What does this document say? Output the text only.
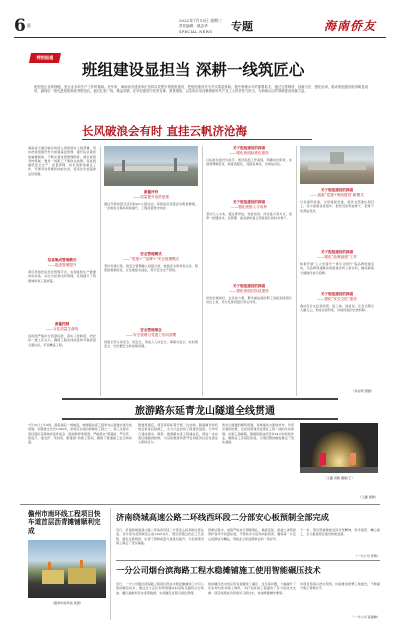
6 版
2022年7月13日 星期三
责任编辑：姚志华
SPECIAL NEWS 专题	海南侨友
特别报道
班组建设显担当 深耕一线筑匠心
班组是企业的细胞，是企业各项生产工作的基础。近年来，海南省各建设单位坚持以党建引领班组建设，把班组建设作为夯实基层基础、提升管理水平的重要抓手，通过完善制度、创新方法、强化培训，推动班组建设取得明显成效，涌现出一批先进班组和优秀班组长。他们扎根一线、精益求精，在项目建设中攻坚克难、勇挑重担，以实际行动诠释着新时代产业工人的责任与担当，为海南自由贸易港建设贡献力量。
长风破浪会有时 直挂云帆济沧海
海南省交通运输系统深入贯彻落实上级部署，坚持把班组建设作为加强基层管理、提升队伍素质的重要载体，不断完善班组管理制度，健全班组考核机制，激发一线职工干事创业热情。各班组围绕安全生产、质量管理、技术创新等重点工作，开展劳动竞赛和技能比武，营造比学赶超的良好氛围。
信息集成管理模式
——促进管理提升
项目部依托信息化管理平台，实现班组生产数据实时采集、动态分析和闭环管理，有效提升了管理效率和工程质量。
质量控制
——守住质量生命线
各班组严格执行质量标准，落实三检制度，把好每一道工序关口，确保工程实体质量和外观质量全面达标，打造精品工程。
质量评价
——质量提升成效显著
通过开展质量月活动和QC小组活动，班组成员质量意识明显增强，一次验收合格率持续提升，工程质量稳中向好。
安全管理模式
——“党建+”“品牌+”安全管理模式
坚持党建引领，将安全管理融入班组日常，做到安全教育常态化、隐患排查制度化、应急演练实战化，筑牢安全生产防线。
安全管理理念
——安全管理与党建工作同部署
班组长带头讲安全、抓安全，形成人人讲安全、事事为安全、时时想安全、处处要安全的浓厚氛围。
关于班组建设的探索
——强化班组标准化建设
以标准化建设为抓手，规范班组工作流程，明确岗位职责，实现管理制度化、制度流程化、流程表单化、表单信息化。
关于班组建设的探索
——强化班组人才培养
坚持以人为本，通过师带徒、技能培训、岗位练兵等方式，培养一批懂技术、会管理、能创新的复合型班组长和技术骨干。
关于班组建设的探索
——强化班组长队伍建设
把政治素质好、业务能力强、群众威信高的职工选拔到班组长岗位上来，充分发挥班组长带头作用。
关于班组建设的探索
——创新“党建+班组建设”新模式
以党建带班建，以班建促党建，将党支部建在项目上，党小组建在班组中，把党员培养成骨干，把骨干培养成党员。
关于班组建设的探索
——强化“品牌创建”工作
积极开展“工人先锋号”“青年文明号”等品牌创建活动，以品牌创建推动班组建设再上新台阶，擦亮海南交通建设金字招牌。
关于班组建设的探索
——强化“安全文化”建设
推动安全文化进班组、进工地、进宿舍，让安全理念入脑入心，形成自我约束、持续改进的长效机制。
（李业明 樊媛）
旅游路东延青龙山隧道全线贯通
7月10日上午9时，随着最后一炮响起，旅游路东延工程青龙山隧道实现全线贯通。该隧道全长约1280米，是项目全线的控制性工程之一。施工过程中，项目团队克服地质条件复杂、围岩破碎等困难，严格落实“管超前、严注浆、短进尺、强支护、早封闭、勤量测”的施工原则，确保了隧道施工安全和质量。
隧道贯通后，项目部将抓紧开展二次衬砌、路面铺设和机电安装等后续施工，全力以赴加快工程建设进度，力争早日建成通车。据悉，旅游路东延工程建成后，将进一步完善区域路网结构，为沿线旅游资源开发和经济社会发展注入新的活力。
青龙山隧道的顺利贯通，是参建各方团结协作、攻坚克难的结果，也是班组建设成果在工程一线的生动体现。在施工高峰期，隧道班组成员坚持24小时轮班作业，确保各工序紧密衔接，为项目整体推进奠定了坚实基础。
（王鑫 供图 摄影/王）
（王鑫 唐敏）
儋州市南环线工程项目快车道首层沥青摊铺顺利完成
（儋州市南环线 供图）
济南绕城高速公路二环线西环段二分部安心板预制全部完成
近日，济南绕城高速公路二环线西环段二分部安心板预制全部完成。该分部共需预制安心板1200余片，项目部通过优化工艺流程、强化过程管控，实现了预制质量与进度双提升，为后续架设施工奠定了坚实基础。
预制过程中，班组严格执行钢筋绑扎、模板安装、混凝土浇筑和养护各环节质量标准，开展技术交底和岗前培训，确保每一片安心板都成为精品，得到业主和监理单位的一致好评。
下一步，项目部将继续发扬攻坚精神，科学组织、精心施工，全力推进项目建设向前发展。
（一分公司 郑勇）
一分公司烟台滨海路工程水稳摊铺施工使用智能碾压技术
近日，一分公司烟台滨海路工程项目部在水稳层摊铺施工中引入智能碾压技术，通过北斗定位和传感器实时采集压路机运行轨迹、碾压遍数和压实度等数据，实现碾压过程可视化管理。
智能碾压技术的应用有效避免了漏压、过压等问题，大幅提升了压实均匀性和施工效率，为打造优质工程提供了有力的技术支撑。项目班组成员积极学习新技术，快速掌握操作要领。
该项目部将以此为契机，持续推进智慧工地建设，不断提升施工管理水平。
（一分公司 高国晓）
